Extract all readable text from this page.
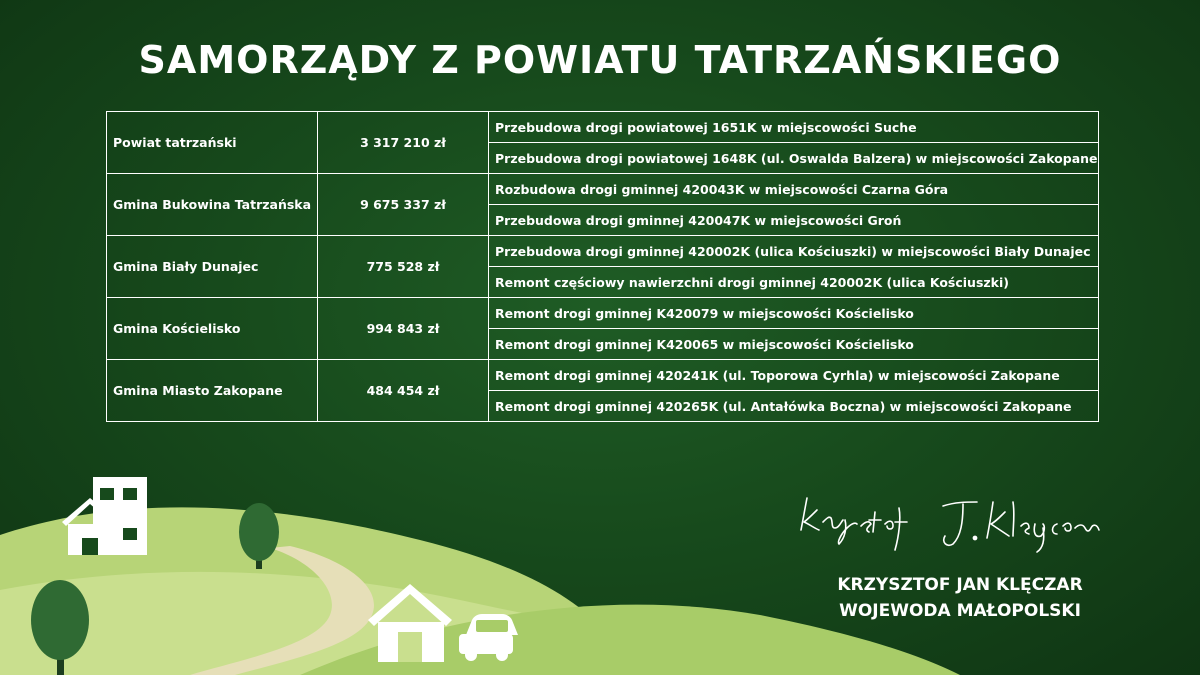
SAMORZĄDY Z POWIATU TATRZAŃSKIEGO
Powiat tatrzański	3 317 210 zł	Przebudowa drogi powiatowej 1651K w miejscowości Suche
		Przebudowa drogi powiatowej 1648K (ul. Oswalda Balzera) w miejscowości Zakopane
Gmina Bukowina Tatrzańska	9 675 337 zł	Rozbudowa drogi gminnej 420043K w miejscowości Czarna Góra
		Przebudowa drogi gminnej 420047K w miejscowości Groń
Gmina Biały Dunajec	775 528 zł	Przebudowa drogi gminnej 420002K (ulica Kościuszki) w miejscowości Biały Dunajec
		Remont częściowy nawierzchni drogi gminnej 420002K (ulica Kościuszki)
Gmina Kościelisko	994 843 zł	Remont drogi gminnej K420079 w miejscowości Kościelisko
		Remont drogi gminnej K420065 w miejscowości Kościelisko
Gmina Miasto Zakopane	484 454 zł	Remont drogi gminnej 420241K (ul. Toporowa Cyrhla) w miejscowości Zakopane
		Remont drogi gminnej 420265K (ul. Antałówka Boczna) w miejscowości Zakopane
KRZYSZTOF JAN KLĘCZAR
WOJEWODA MAŁOPOLSKI
